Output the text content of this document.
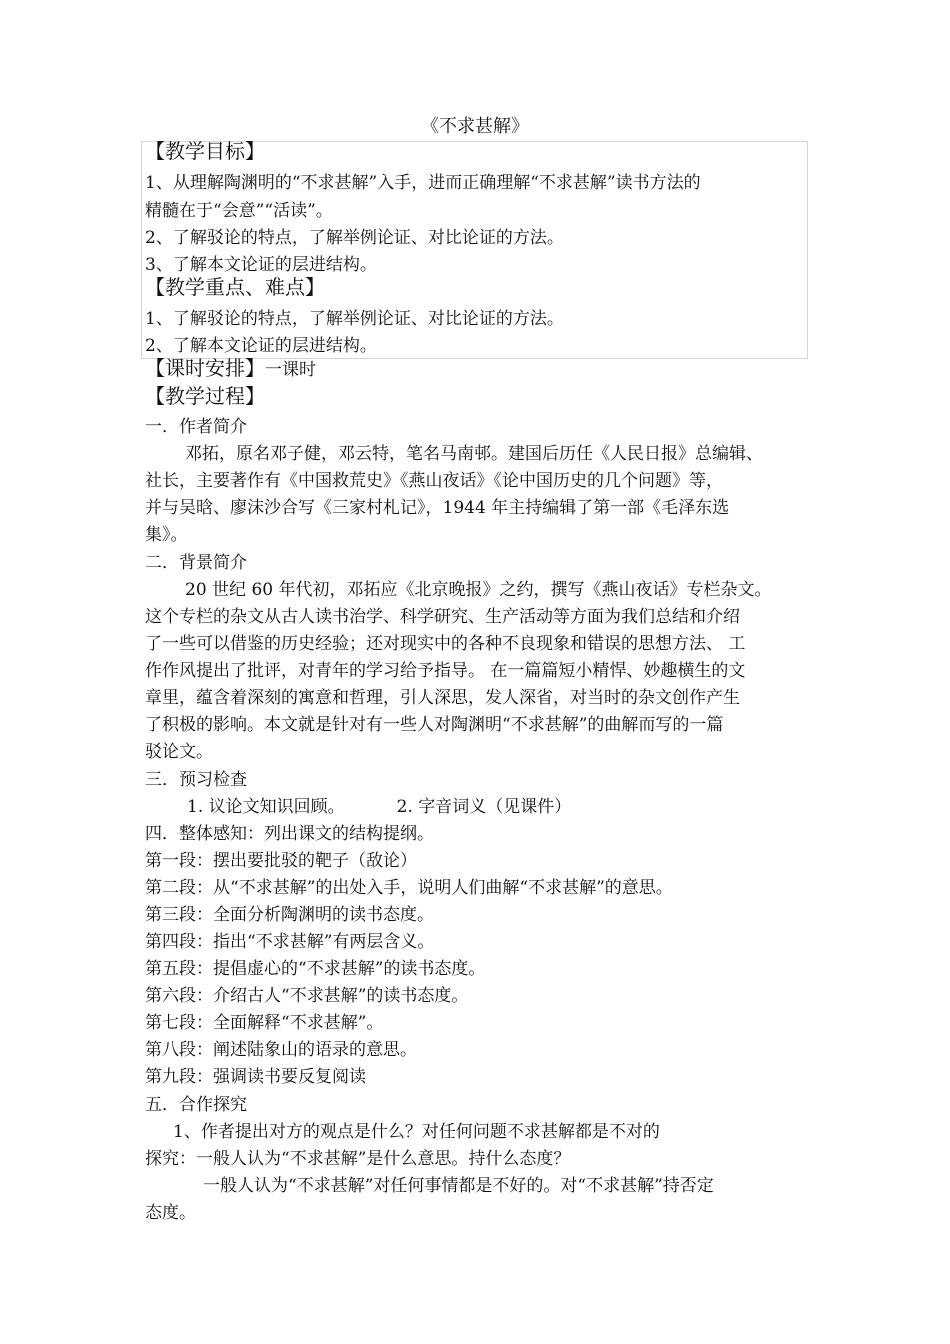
《不求甚解》
【教学目标】
1、从理解陶渊明的“不求甚解”入手，进而正确理解“不求甚解”读书方法的
精髓在于“会意”“活读”。
2、了解驳论的特点，了解举例论证、对比论证的方法。
3、了解本文论证的层进结构。
【教学重点、难点】
1、了解驳论的特点，了解举例论证、对比论证的方法。
2、了解本文论证的层进结构。
【课时安排】一课时
【教学过程】
一．作者简介
邓拓，原名邓子健，邓云特，笔名马南邨。建国后历任《人民日报》总编辑、
社长，主要著作有《中国救荒史》《燕山夜话》《论中国历史的几个问题》等，
并与吴晗、廖沫沙合写《三家村札记》，1944 年主持编辑了第一部《毛泽东选
集》。
二．背景简介
20 世纪 60 年代初，邓拓应《北京晚报》之约，撰写《燕山夜话》专栏杂文。
这个专栏的杂文从古人读书治学、科学研究、生产活动等方面为我们总结和介绍
了一些可以借鉴的历史经验；还对现实中的各种不良现象和错误的思想方法、 工
作作风提出了批评，对青年的学习给予指导。 在一篇篇短小精悍、妙趣横生的文
章里，蕴含着深刻的寓意和哲理，引人深思，发人深省，对当时的杂文创作产生
了积极的影响。本文就是针对有一些人对陶渊明“不求甚解”的曲解而写的一篇
驳论文。
三．预习检查
1. 议论文知识回顾。	2. 字音词义（见课件）
四．整体感知：列出课文的结构提纲。
第一段：摆出要批驳的靶子（敌论）
第二段：从“不求甚解”的出处入手，说明人们曲解“不求甚解”的意思。
第三段：全面分析陶渊明的读书态度。
第四段：指出“不求甚解”有两层含义。
第五段：提倡虚心的“不求甚解”的读书态度。
第六段：介绍古人“不求甚解”的读书态度。
第七段：全面解释“不求甚解”。
第八段：阐述陆象山的语录的意思。
第九段：强调读书要反复阅读
五．合作探究
1、作者提出对方的观点是什么？对任何问题不求甚解都是不对的
探究：一般人认为“不求甚解”是什么意思。持什么态度？
一般人认为“不求甚解”对任何事情都是不好的。对“不求甚解”持否定
态度。
